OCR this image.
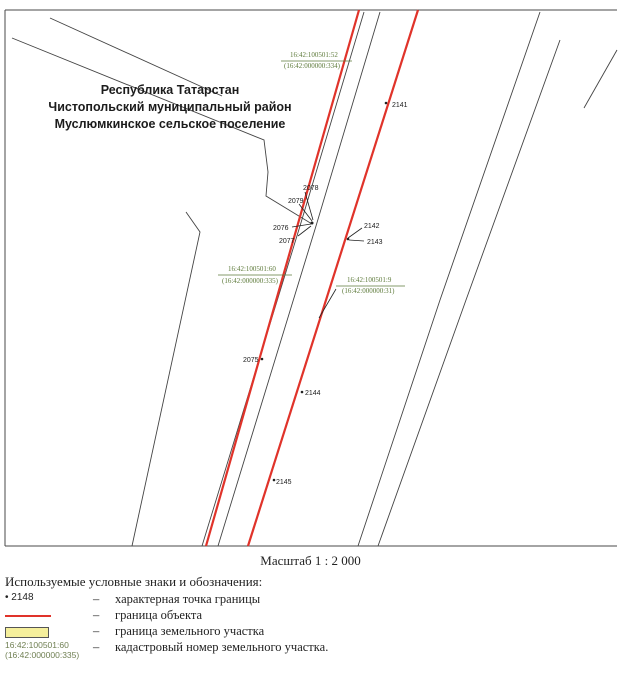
2141
2078
2079
2076
2077
2142
2143
2075
2144
2145
16:42:100501:52
(16:42:000000:334)
16:42:100501:60
(16:42:000000:335)	16:42:100501:9
(16:42:000000:31)
Республика Татарстан
Чистопольский муниципальный район
Муслюмкинское сельское поселение
Масштаб 1 : 2 000
Используемые условные знаки и обозначения:
• 2148	– характерная точка границы
– граница объекта
– граница земельного участка
16:42:100501:60
(16:42:000000:335)
– кадастровый номер земельного участка.
